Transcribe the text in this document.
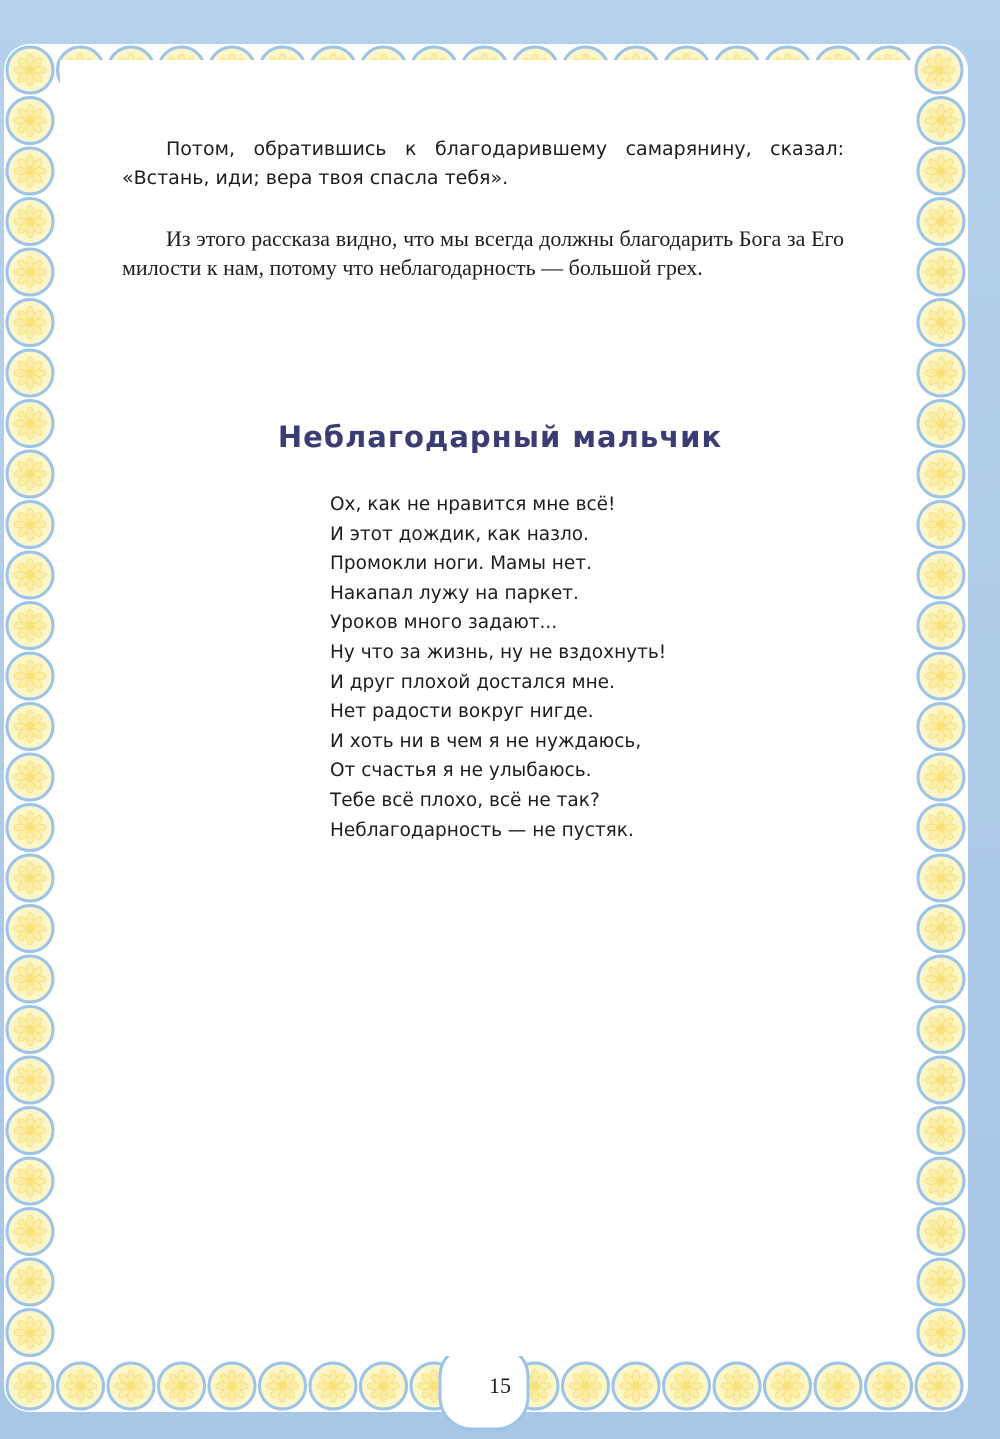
Потом, обратившись к благодарившему самарянину, сказал: «Встань, иди; вера твоя спасла тебя».

Из этого рассказа видно, что мы всегда должны благодарить Бога за Его милости к нам, потому что неблагодарность — большой грех.

Неблагодарный мальчик
Ох, как не нравится мне всё!
И этот дождик, как назло.
Промокли ноги. Мамы нет.
Накапал лужу на паркет.
Уроков много задают...
Ну что за жизнь, ну не вздохнуть!
И друг плохой достался мне.
Нет радости вокруг нигде.
И хоть ни в чем я не нуждаюсь,
От счастья я не улыбаюсь.
Тебе всё плохо, всё не так?
Неблагодарность — не пустяк.
15
